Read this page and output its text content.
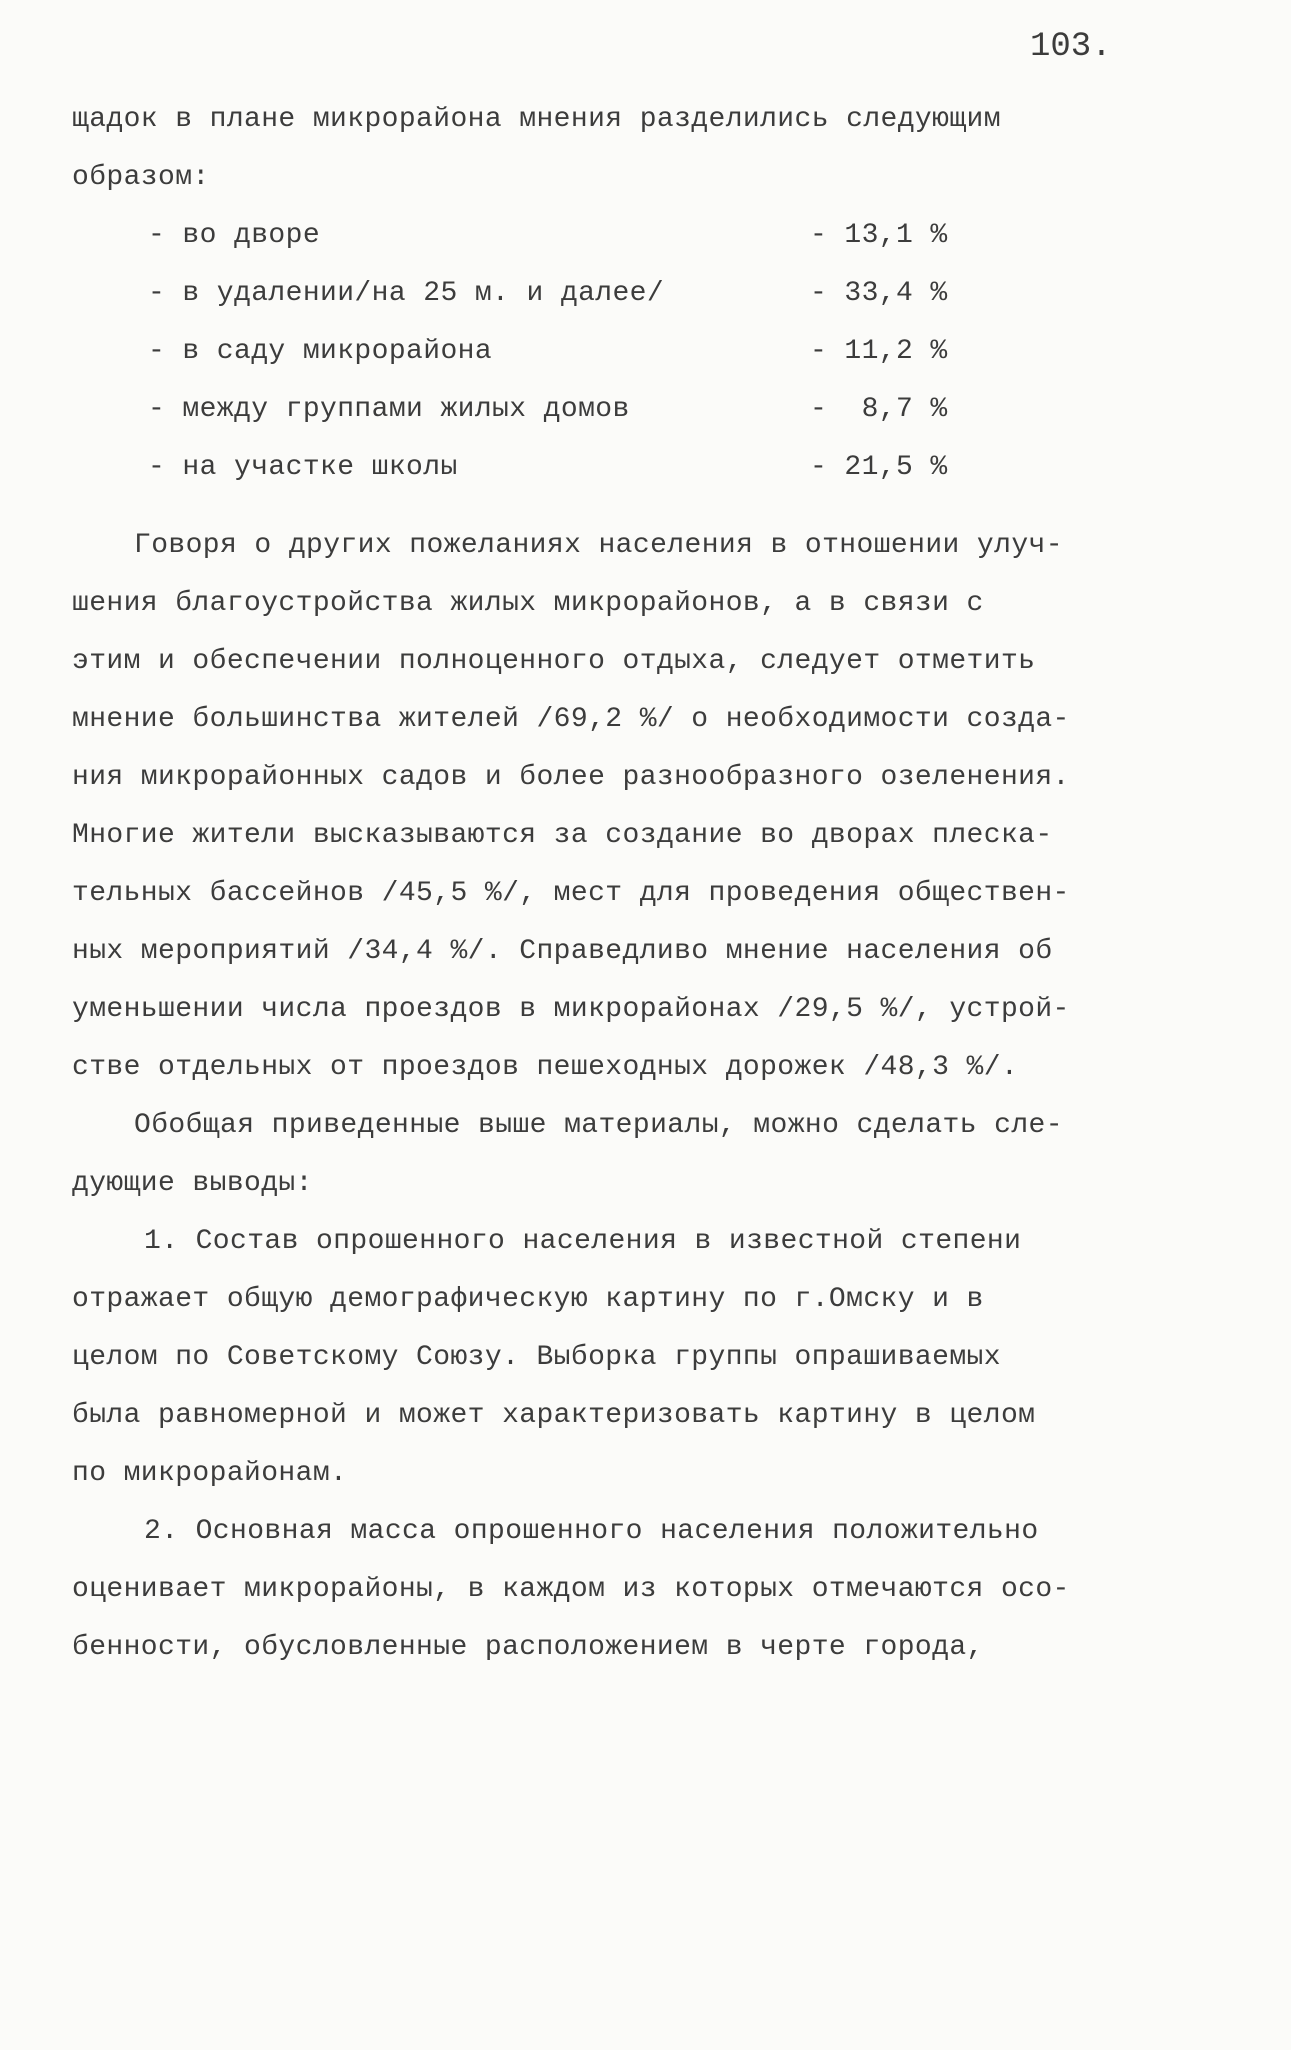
103.
щадок в плане микрорайона мнения разделились следующим
образом:
- во дворе	- 13,1 %
- в удалении/на 25 м. и далее/	- 33,4 %
- в саду микрорайона	- 11,2 %
- между группами жилых домов	-  8,7 %
- на участке школы	- 21,5 %
Говоря о других пожеланиях населения в отношении улуч-
шения благоустройства жилых микрорайонов, а в связи с
этим и обеспечении полноценного отдыха, следует отметить
мнение большинства жителей /69,2 %/ о необходимости созда-
ния микрорайонных садов и более разнообразного озеленения.
Многие жители высказываются за создание во дворах плеска-
тельных бассейнов /45,5 %/, мест для проведения обществен-
ных мероприятий /34,4 %/. Справедливо мнение населения об
уменьшении числа проездов в микрорайонах /29,5 %/, устрой-
стве отдельных от проездов пешеходных дорожек /48,3 %/.
Обобщая приведенные выше материалы, можно сделать сле-
дующие выводы:
1. Состав опрошенного населения в известной степени
отражает общую демографическую картину по г.Омску и в
целом по Советскому Союзу. Выборка группы опрашиваемых
была равномерной и может характеризовать картину в целом
по микрорайонам.
2. Основная масса опрошенного населения положительно
оценивает микрорайоны, в каждом из которых отмечаются осо-
бенности, обусловленные расположением в черте города,
